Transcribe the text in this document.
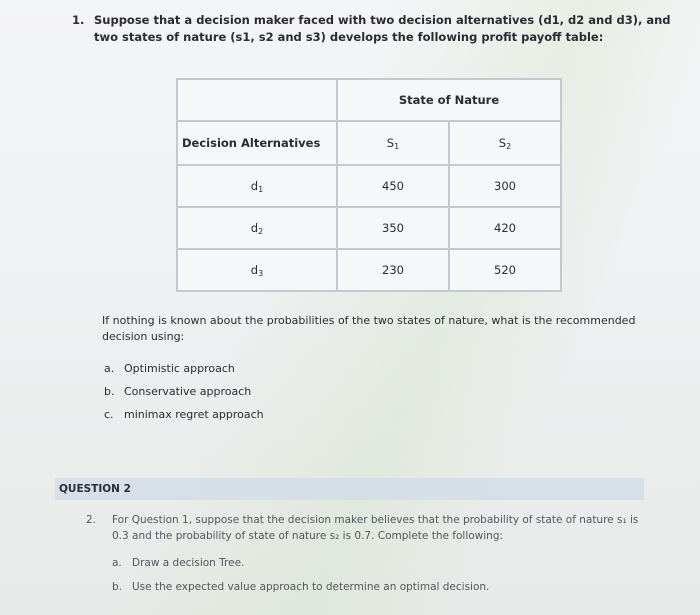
1. Suppose that a decision maker faced with two decision alternatives (d1, d2 and d3), and two states of nature (s1, s2 and s3) develops the following profit payoff table:
	State of Nature	
Decision Alternatives	$S_1$	$S_2$
$d_1$	450	300
$d_2$	350	420
$d_3$	230	520
If nothing is known about the probabilities of the two states of nature, what is the recommended decision using:
a. Optimistic approach
b. Conservative approach
c. minimax regret approach
QUESTION 2
2. For Question 1, suppose that the decision maker believes that the probability of state of nature s₁ is 0.3 and the probability of state of nature s₂ is 0.7. Complete the following:
a. Draw a decision Tree.
b. Use the expected value approach to determine an optimal decision.
